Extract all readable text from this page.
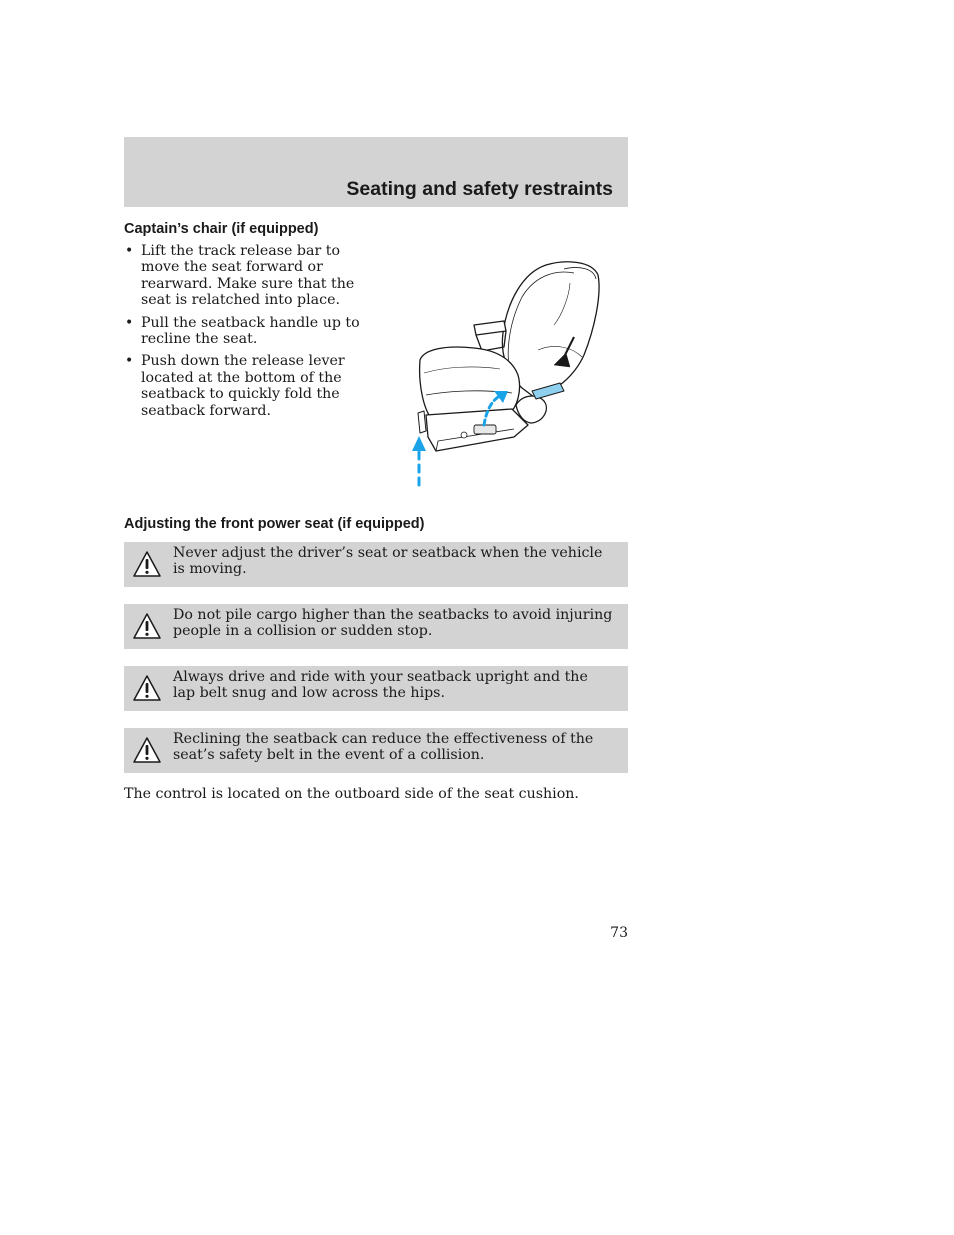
Seating and safety restraints
Captain’s chair (if equipped)
• Lift the track release bar to move the seat forward or rearward. Make sure that the seat is relatched into place.
• Pull the seatback handle up to recline the seat.
• Push down the release lever located at the bottom of the seatback to quickly fold the seatback forward.
Adjusting the front power seat (if equipped)
Never adjust the driver’s seat or seatback when the vehicle is moving.
Do not pile cargo higher than the seatbacks to avoid injuring people in a collision or sudden stop.
Always drive and ride with your seatback upright and the lap belt snug and low across the hips.
Reclining the seatback can reduce the effectiveness of the seat’s safety belt in the event of a collision.

The control is located on the outboard side of the seat cushion.

73
